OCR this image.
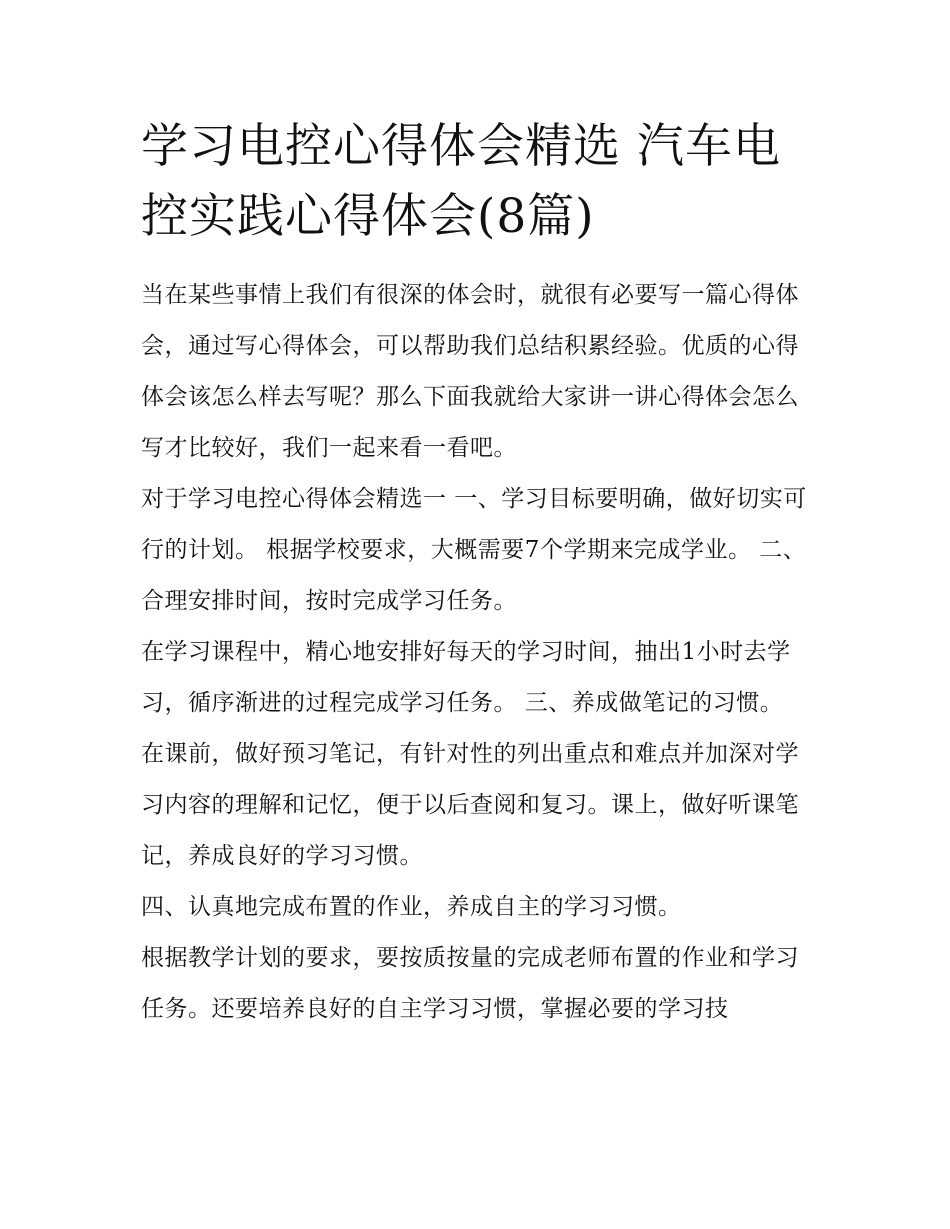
学习电控心得体会精选 汽车电控实践心得体会(8篇)

当在某些事情上我们有很深的体会时，就很有必要写一篇心得体会，通过写心得体会，可以帮助我们总结积累经验。优质的心得体会该怎么样去写呢？那么下面我就给大家讲一讲心得体会怎么写才比较好，我们一起来看一看吧。

对于学习电控心得体会精选一 一、学习目标要明确，做好切实可行的计划。 根据学校要求，大概需要7个学期来完成学业。 二、合理安排时间，按时完成学习任务。

在学习课程中，精心地安排好每天的学习时间，抽出1小时去学习，循序渐进的过程完成学习任务。 三、养成做笔记的习惯。

在课前，做好预习笔记，有针对性的列出重点和难点并加深对学习内容的理解和记忆，便于以后查阅和复习。课上，做好听课笔记，养成良好的学习习惯。

四、认真地完成布置的作业，养成自主的学习习惯。

根据教学计划的要求，要按质按量的完成老师布置的作业和学习任务。还要培养良好的自主学习习惯，掌握必要的学习技
